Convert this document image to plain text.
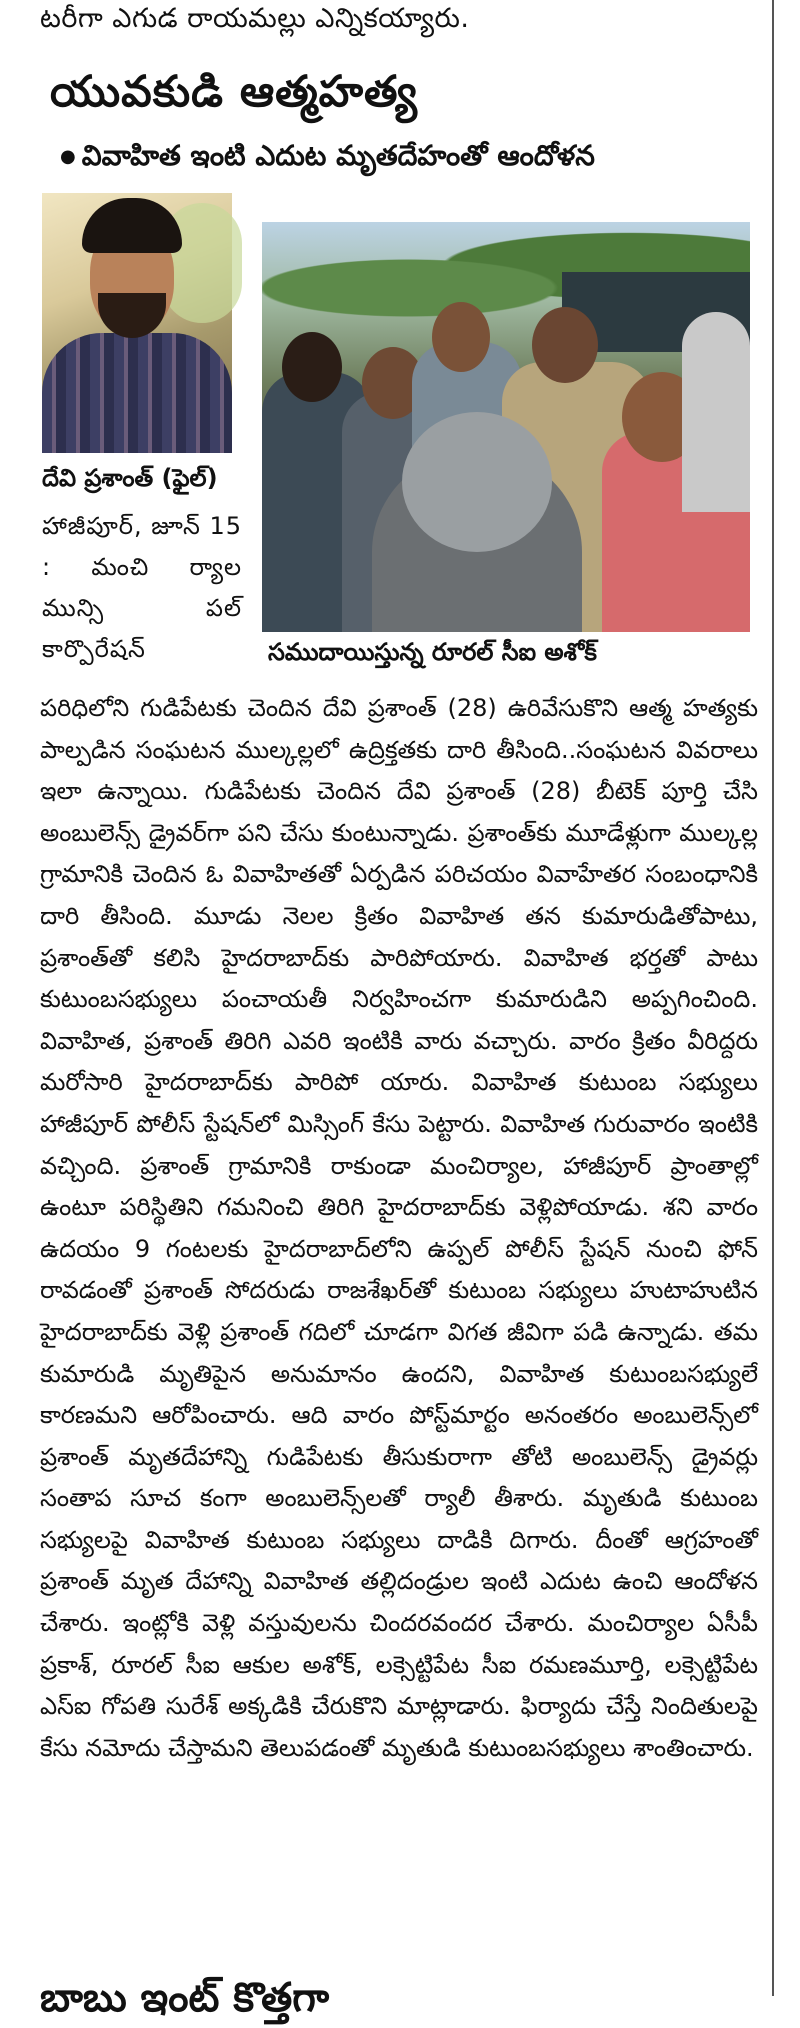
టరీగా ఎగుడ రాయమల్లు ఎన్నికయ్యారు.
యువకుడి ఆత్మహత్య
● వివాహిత ఇంటి ఎదుట మృతదేహంతో ఆందోళన
దేవి ప్రశాంత్ (ఫైల్)
హాజీపూర్, జూన్ 15 : మంచి ర్యాల మున్సి పల్ కార్పొరేషన్	సముదాయిస్తున్న రూరల్ సీఐ అశోక్
పరిధిలోని గుడిపేటకు చెందిన దేవి ప్రశాంత్ (28) ఉరివేసుకొని ఆత్మ హత్యకు పాల్పడిన సంఘటన ముల్కల్లలో ఉద్రిక్తతకు దారి తీసింది..సంఘటన వివరాలు ఇలా ఉన్నాయి. గుడిపేటకు చెందిన దేవి ప్రశాంత్ (28) బీటెక్ పూర్తి చేసి అంబులెన్స్ డ్రైవర్‌గా పని చేసు కుంటున్నాడు. ప్రశాంత్‌కు మూడేళ్లుగా ముల్కల్ల గ్రామానికి చెందిన ఓ వివాహితతో ఏర్పడిన పరిచయం వివాహేతర సంబంధానికి దారి తీసింది. మూడు నెలల క్రితం వివాహిత తన కుమారుడితోపాటు, ప్రశాంత్‌తో కలిసి హైదరాబాద్‌కు పారిపోయారు. వివాహిత భర్తతో పాటు కుటుంబసభ్యులు పంచాయతీ నిర్వహించగా కుమారుడిని అప్పగించింది. వివాహిత, ప్రశాంత్ తిరిగి ఎవరి ఇంటికి వారు వచ్చారు. వారం క్రితం వీరిద్దరు మరోసారి హైదరాబాద్‌కు పారిపో యారు. వివాహిత కుటుంబ సభ్యులు హాజీపూర్ పోలీస్ స్టేషన్‌లో మిస్సింగ్ కేసు పెట్టారు. వివాహిత గురువారం ఇంటికి వచ్చింది. ప్రశాంత్ గ్రామానికి రాకుండా మంచిర్యాల, హాజీపూర్ ప్రాంతాల్లో ఉంటూ పరిస్థితిని గమనించి తిరిగి హైదరాబాద్‌కు వెళ్లిపోయాడు. శని వారం ఉదయం 9 గంటలకు హైదరాబాద్‌లోని ఉప్పల్ పోలీస్ స్టేషన్ నుంచి ఫోన్ రావడంతో ప్రశాంత్ సోదరుడు రాజశేఖర్‌తో కుటుంబ సభ్యులు హుటాహుటిన హైదరాబాద్‌కు వెళ్లి ప్రశాంత్ గదిలో చూడగా విగత జీవిగా పడి ఉన్నాడు. తమ కుమారుడి మృతిపైన అనుమానం ఉందని, వివాహిత కుటుంబసభ్యులే కారణమని ఆరోపించారు. ఆది వారం పోస్ట్‌మార్టం అనంతరం అంబులెన్స్‌లో ప్రశాంత్ మృతదేహాన్ని గుడిపేటకు తీసుకురాగా తోటి అంబులెన్స్ డ్రైవర్లు సంతాప సూచ కంగా అంబులెన్స్‌లతో ర్యాలీ తీశారు. మృతుడి కుటుంబ సభ్యులపై వివాహిత కుటుంబ సభ్యులు దాడికి దిగారు. దీంతో ఆగ్రహంతో ప్రశాంత్ మృత దేహాన్ని వివాహిత తల్లిదండ్రుల ఇంటి ఎదుట ఉంచి ఆందోళన చేశారు. ఇంట్లోకి వెళ్లి వస్తువులను చిందరవందర చేశారు. మంచిర్యాల ఏసీపీ ప్రకాశ్, రూరల్ సీఐ ఆకుల అశోక్, లక్సెట్టిపేట సీఐ రమణమూర్తి, లక్సెట్టిపేట ఎస్ఐ గోపతి సురేశ్ అక్కడికి చేరుకొని మాట్లాడారు. ఫిర్యాదు చేస్తే నిందితులపై కేసు నమోదు చేస్తామని తెలుపడంతో మృతుడి కుటుంబసభ్యులు శాంతించారు.
బాబు ఇంట్ కొత్తగా
